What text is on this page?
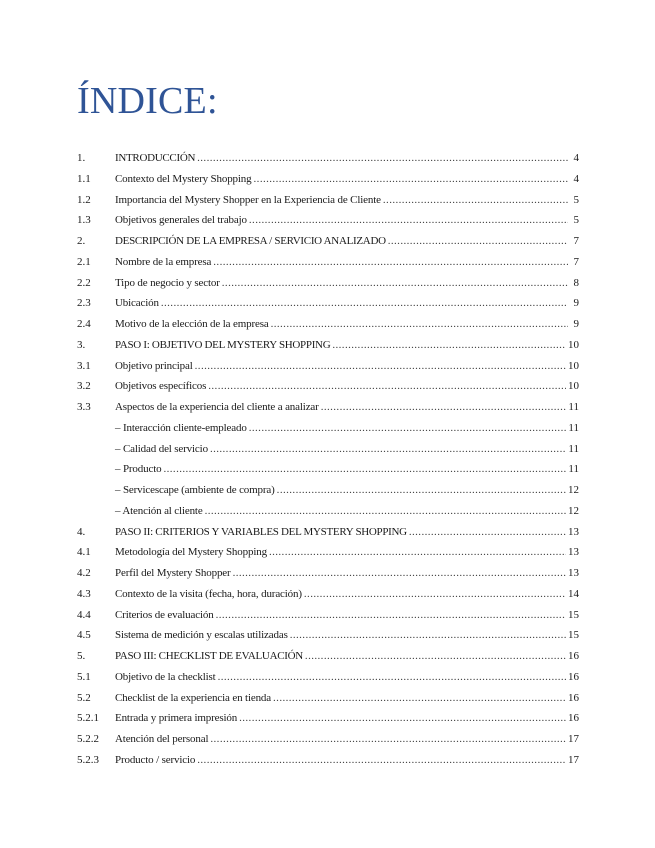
ÍNDICE:
1.	INTRODUCCIÓN .....	4
1.1	Contexto del Mystery Shopping .....	4
1.2	Importancia del Mystery Shopper en la Experiencia de Cliente .....	5
1.3	Objetivos generales del trabajo .....	5
2.	DESCRIPCIÓN DE LA EMPRESA / SERVICIO ANALIZADO .....	7
2.1	Nombre de la empresa .....	7
2.2	Tipo de negocio y sector .....	8
2.3	Ubicación .....	9
2.4	Motivo de la elección de la empresa .....	9
3.	PASO I: OBJETIVO DEL MYSTERY SHOPPING .....	10
3.1	Objetivo principal .....	10
3.2	Objetivos específicos .....	10
3.3	Aspectos de la experiencia del cliente a analizar .....	11
– Interacción cliente-empleado .....	11
– Calidad del servicio .....	11
– Producto .....	11
– Servicescape (ambiente de compra) .....	12
– Atención al cliente .....	12
4.	PASO II: CRITERIOS Y VARIABLES DEL MYSTERY SHOPPING .....	13
4.1	Metodología del Mystery Shopping .....	13
4.2	Perfil del Mystery Shopper .....	13
4.3	Contexto de la visita (fecha, hora, duración) .....	14
4.4	Criterios de evaluación .....	15
4.5	Sistema de medición y escalas utilizadas .....	15
5.	PASO III: CHECKLIST DE EVALUACIÓN .....	16
5.1	Objetivo de la checklist .....	16
5.2	Checklist de la experiencia en tienda .....	16
5.2.1	Entrada y primera impresión .....	16
5.2.2	Atención del personal .....	17
5.2.3	Producto / servicio .....	17
